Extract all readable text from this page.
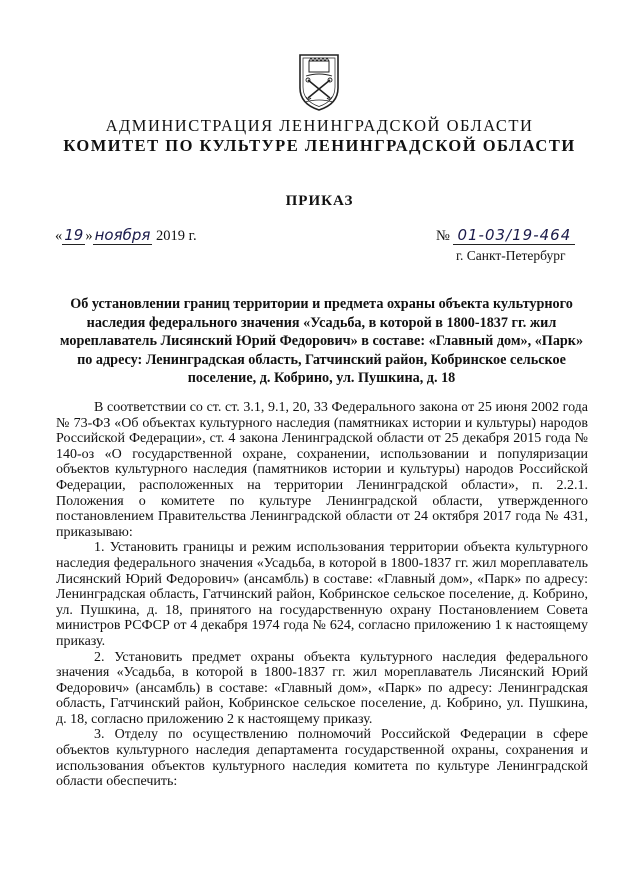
АДМИНИСТРАЦИЯ ЛЕНИНГРАДСКОЙ ОБЛАСТИ
КОМИТЕТ ПО КУЛЬТУРЕ ЛЕНИНГРАДСКОЙ ОБЛАСТИ
ПРИКАЗ
« 19 » ноября 2019 г.	№ 01-03/19-464
г. Санкт-Петербург
Об установлении границ территории и предмета охраны объекта культурного наследия федерального значения «Усадьба, в которой в 1800-1837 гг. жил мореплаватель Лисянский Юрий Федорович» в составе: «Главный дом», «Парк» по адресу: Ленинградская область, Гатчинский район, Кобринское сельское поселение, д. Кобрино, ул. Пушкина, д. 18

В соответствии со ст. ст. 3.1, 9.1, 20, 33 Федерального закона от 25 июня 2002 года № 73-ФЗ «Об объектах культурного наследия (памятниках истории и культуры) народов Российской Федерации», ст. 4 закона Ленинградской области от 25 декабря 2015 года № 140-оз «О государственной охране, сохранении, использовании и популяризации объектов культурного наследия (памятников истории и культуры) народов Российской Федерации, расположенных на территории Ленинградской области», п. 2.2.1. Положения о комитете по культуре Ленинградской области, утвержденного постановлением Правительства Ленинградской области от 24 октября 2017 года № 431, приказываю:

1. Установить границы и режим использования территории объекта культурного наследия федерального значения «Усадьба, в которой в 1800-1837 гг. жил мореплаватель Лисянский Юрий Федорович» (ансамбль) в составе: «Главный дом», «Парк» по адресу: Ленинградская область, Гатчинский район, Кобринское сельское поселение, д. Кобрино, ул. Пушкина, д. 18, принятого на государственную охрану Постановлением Совета министров РСФСР от 4 декабря 1974 года № 624, согласно приложению 1 к настоящему приказу.

2. Установить предмет охраны объекта культурного наследия федерального значения «Усадьба, в которой в 1800-1837 гг. жил мореплаватель Лисянский Юрий Федорович» (ансамбль) в составе: «Главный дом», «Парк» по адресу: Ленинградская область, Гатчинский район, Кобринское сельское поселение, д. Кобрино, ул. Пушкина, д. 18, согласно приложению 2 к настоящему приказу.

3. Отделу по осуществлению полномочий Российской Федерации в сфере объектов культурного наследия департамента государственной охраны, сохранения и использования объектов культурного наследия комитета по культуре Ленинградской области обеспечить:
